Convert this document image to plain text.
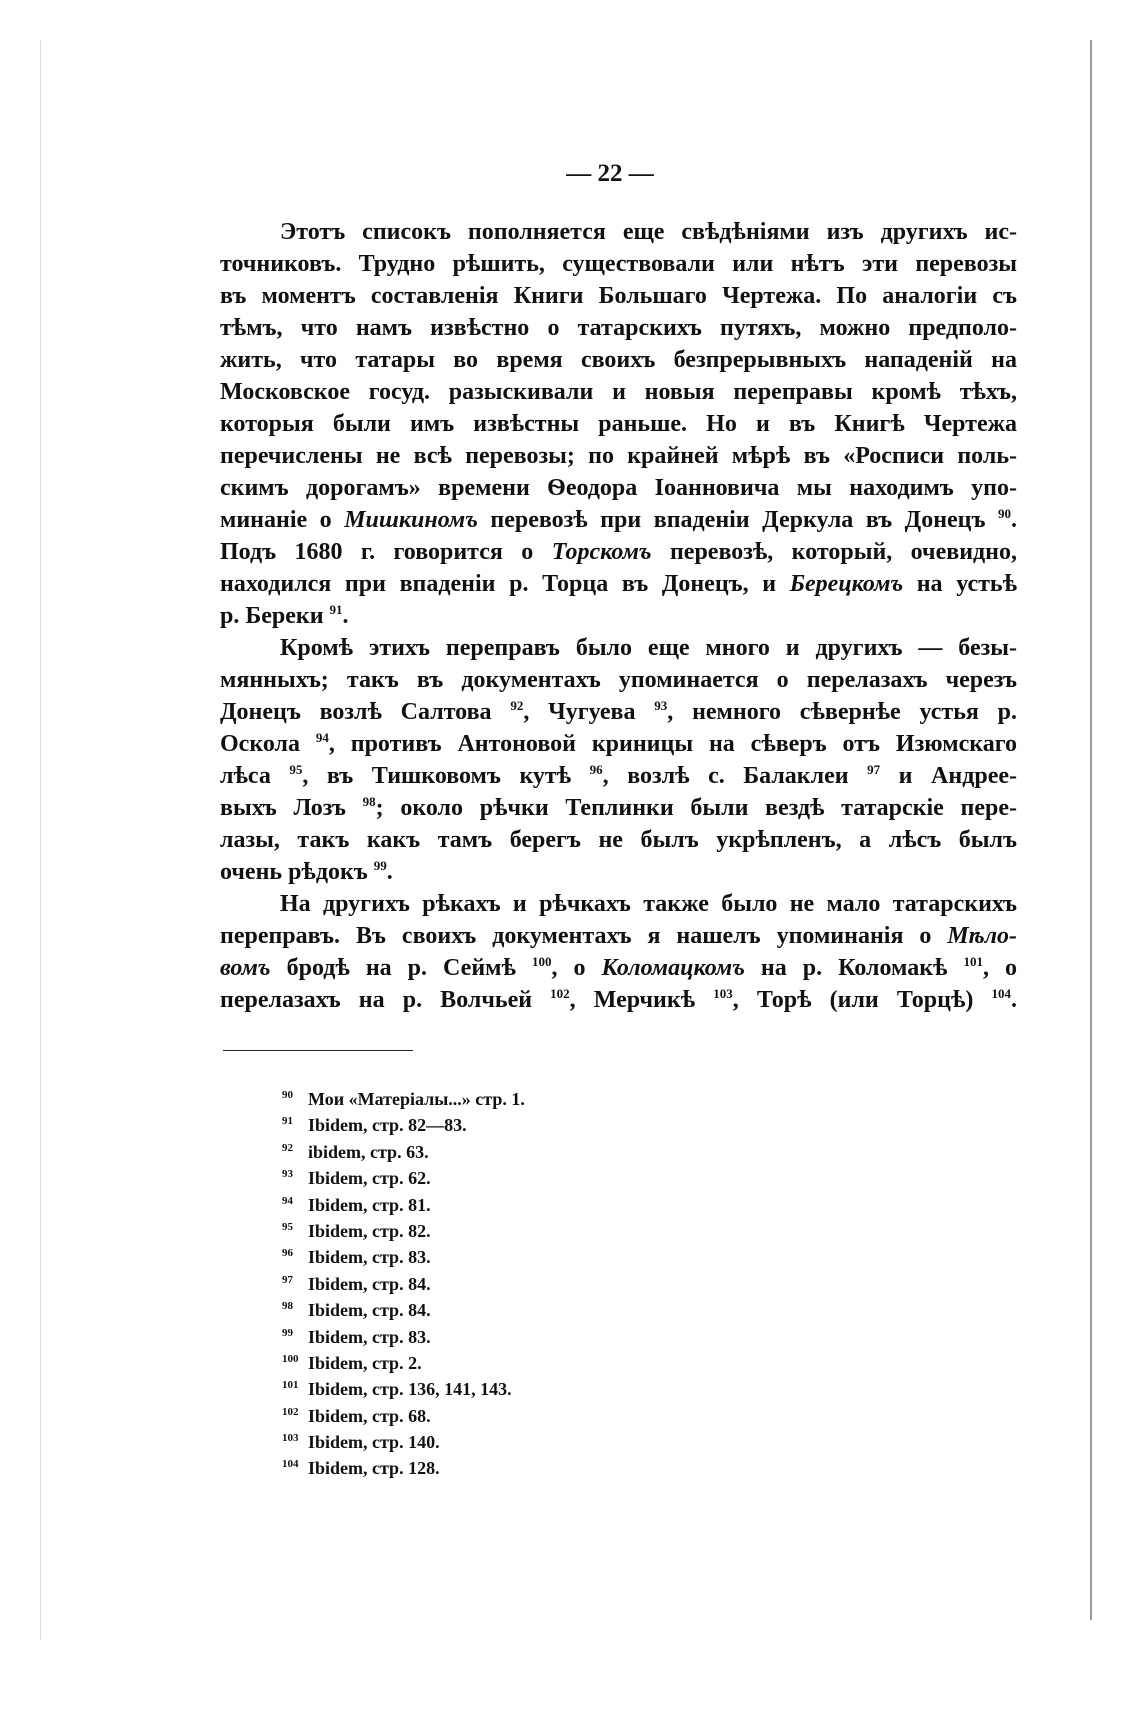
— 22 —
Этотъ списокъ пополняется еще свѣдѣніями изъ другихъ ис-
точниковъ. Трудно рѣшить, существовали или нѣтъ эти перевозы
въ моментъ составленія Книги Большаго Чертежа. По аналогіи съ
тѣмъ, что намъ извѣстно о татарскихъ путяхъ, можно предполо-
жить, что татары во время своихъ безпрерывныхъ нападеній на
Московское госуд. разыскивали и новыя переправы кромѣ тѣхъ,
которыя были имъ извѣстны раньше. Но и въ Книгѣ Чертежа
перечислены не всѣ перевозы; по крайней мѣрѣ въ «Росписи поль-
скимъ дорогамъ» времени Ѳеодора Іоанновича мы находимъ упо-
минаніе о Мишкиномъ перевозѣ при впаденіи Деркула въ Донецъ $^{90}$.
Подъ 1680 г. говорится о Торскомъ перевозѣ, который, очевидно,
находился при впаденіи р. Торца въ Донецъ, и Берецкомъ на устьѣ
р. Береки $^{91}$.
Кромѣ этихъ переправъ было еще много и другихъ — безы-
мянныхъ; такъ въ документахъ упоминается о перелазахъ черезъ
Донецъ возлѣ Салтова $^{92}$, Чугуева $^{93}$, немного сѣвернѣе устья р.
Оскола $^{94}$, противъ Антоновой криницы на сѣверъ отъ Изюмскаго
лѣса $^{95}$, въ Тишковомъ кутѣ $^{96}$, возлѣ с. Балаклеи $^{97}$ и Андрее-
выхъ Лозъ $^{98}$; около рѣчки Теплинки были вездѣ татарскіе пере-
лазы, такъ какъ тамъ берегъ не былъ укрѣпленъ, а лѣсъ былъ
очень рѣдокъ $^{99}$.
На другихъ рѣкахъ и рѣчкахъ также было не мало татарскихъ
переправъ. Въ своихъ документахъ я нашелъ упоминанія о Мѣло-
вомъ бродѣ на р. Сеймѣ $^{100}$, о Коломацкомъ на р. Коломакѣ $^{101}$, о
перелазахъ на р. Волчьей $^{102}$, Мерчикѣ $^{103}$, Торѣ (или Торцѣ) $^{104}$.
90 Мои «Матеріалы...» стр. 1.
91 Ibidem, стр. 82—83.
92 ibidem, стр. 63.
93 Ibidem, стр. 62.
94 Ibidem, стр. 81.
95 Ibidem, стр. 82.
96 Ibidem, стр. 83.
97 Ibidem, стр. 84.
98 Ibidem, стр. 84.
99 Ibidem, стр. 83.
100 Ibidem, стр. 2.
101 Ibidem, стр. 136, 141, 143.
102 Ibidem, стр. 68.
103 Ibidem, стр. 140.
104 Ibidem, стр. 128.
